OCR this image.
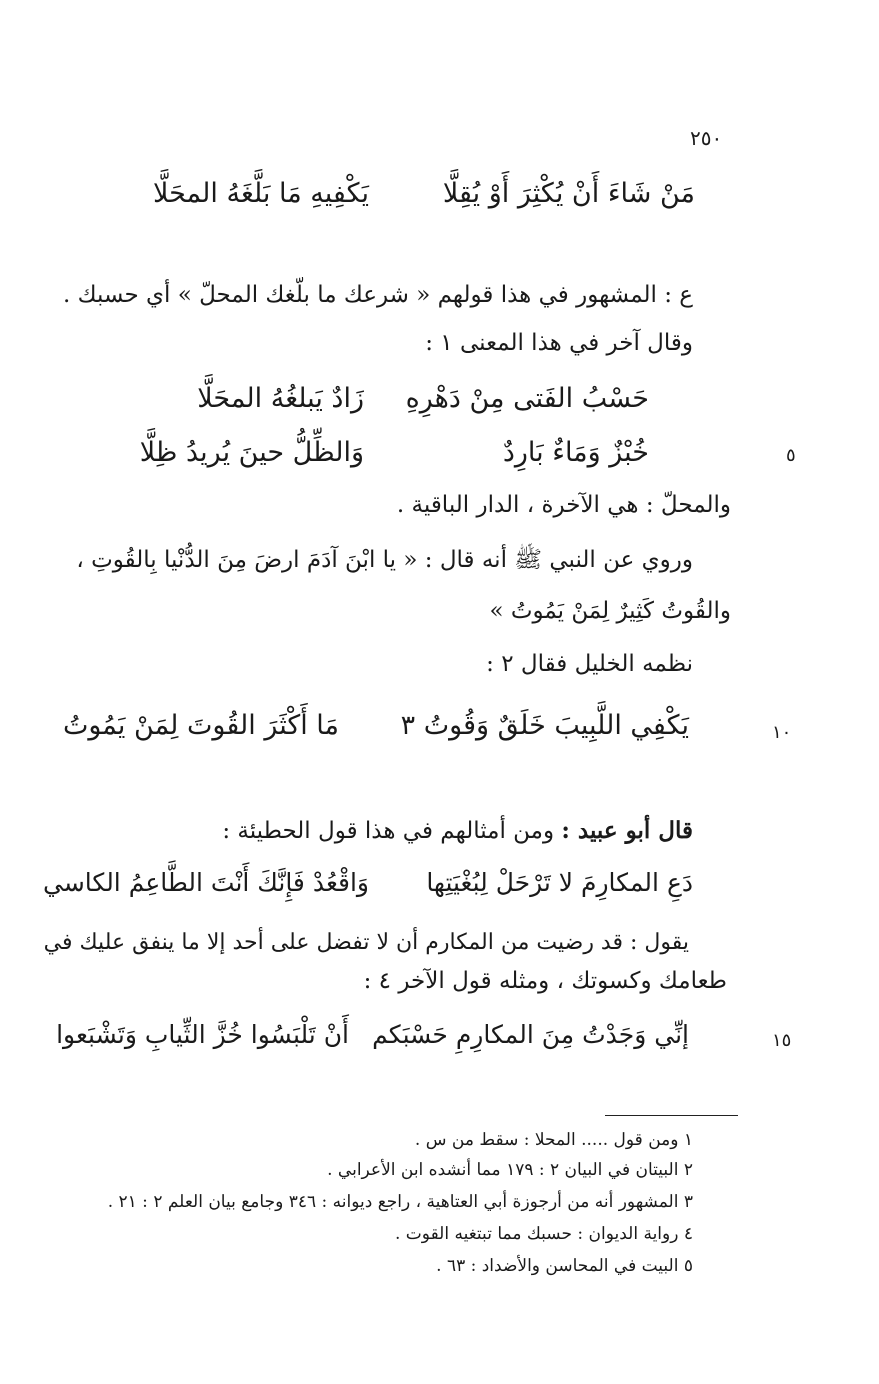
٢٥٠
مَنْ شَاءَ أَنْ يُكْثِرَ أَوْ يُقِلَّا
يَكْفِيهِ مَا بَلَّغَهُ المحَلَّا
ع : المشهور في هذا قولهم « شرعك ما بلّغك المحلّ » أي حسبك .
وقال آخر في هذا المعنى ١ :
حَسْبُ الفَتى مِنْ دَهْرِهِ
زَادٌ يَبلغُهُ المحَلَّا
خُبْزٌ وَمَاءٌ بَارِدٌ
وَالظِّلُّ حينَ يُريدُ ظِلَّا	٥
والمحلّ : هي الآخرة ، الدار الباقية .
وروي عن النبي ﷺ أنه قال : « يا ابْنَ آدَمَ ارضَ مِنَ الدُّنْيا بِالقُوتِ ،
والقُوتُ كَثِيرٌ لِمَنْ يَمُوتُ »
نظمه الخليل فقال ٢ :
يَكْفِي اللَّبِيبَ خَلَقٌ وَقُوتُ ٣
مَا أَكْثَرَ القُوتَ لِمَنْ يَمُوتُ	١٠
قال أبو عبيد : ومن أمثالهم في هذا قول الحطيئة :
دَعِ المكارِمَ لا تَرْحَلْ لِبُغْيَتِها
وَاقْعُدْ فَإِنَّكَ أَنْتَ الطَّاعِمُ الكاسي
يقول : قد رضيت من المكارم أن لا تفضل على أحد إلا ما ينفق عليك في
طعامك وكسوتك ، ومثله قول الآخر ٤ :
إنِّي وَجَدْتُ مِنَ المكارِمِ حَسْبَكم
أَنْ تَلْبَسُوا خُزَّ الثِّيابِ وَتَشْبَعوا	١٥
١ ومن قول ..... المحلا : سقط من س .
٢ البيتان في البيان ٢ : ١٧٩ مما أنشده ابن الأعرابي .
٣ المشهور أنه من أرجوزة أبي العتاهية ، راجع ديوانه : ٣٤٦ وجامع بيان العلم ٢ : ٢١ .
٤ رواية الديوان : حسبك مما تبتغيه القوت .
٥ البيت في المحاسن والأضداد : ٦٣ .
